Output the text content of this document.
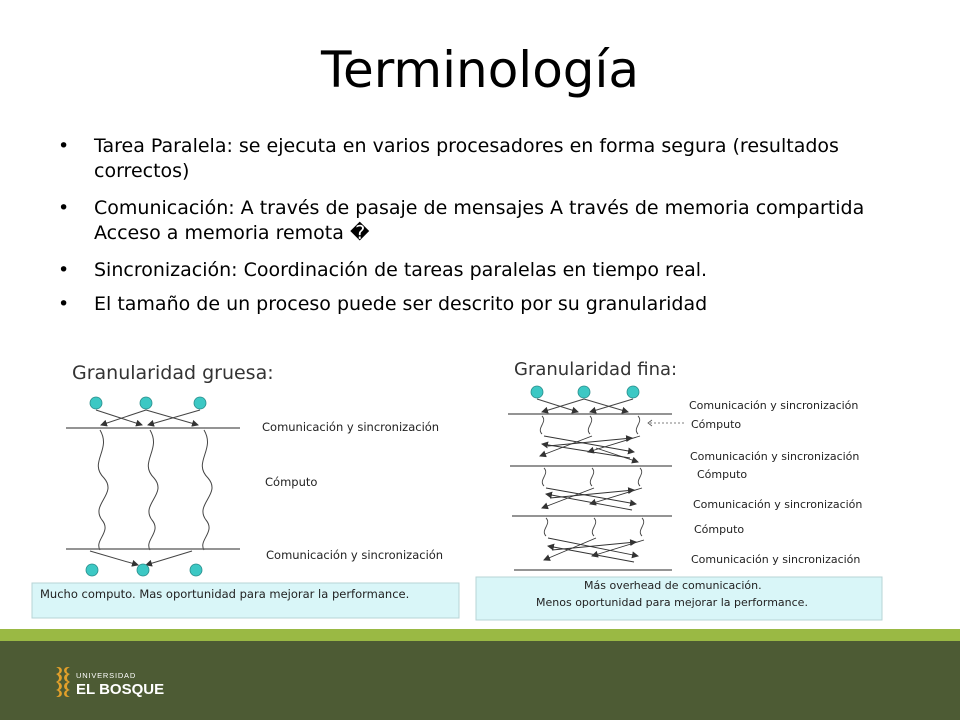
Terminología
• Tarea Paralela: se ejecuta en varios procesadores en forma segura (resultados correctos)
• Comunicación: A través de pasaje de mensajes A través de memoria compartida Acceso a memoria remota �
• Sincronización: Coordinación de tareas paralelas en tiempo real.
• El tamaño de un proceso puede ser descrito por su granularidad
Granularidad gruesa:
Comunicación y sincronización
Cómputo
Comunicación y sincronización
Mucho computo. Mas oportunidad para mejorar la performance.
Granularidad fina:
Comunicación y sincronización
Cómputo
Comunicación y sincronización
Cómputo
Comunicación y sincronización
Cómputo
Comunicación y sincronización
Más overhead de comunicación.
Menos oportunidad para mejorar la performance.
UNIVERSIDAD
EL BOSQUE
